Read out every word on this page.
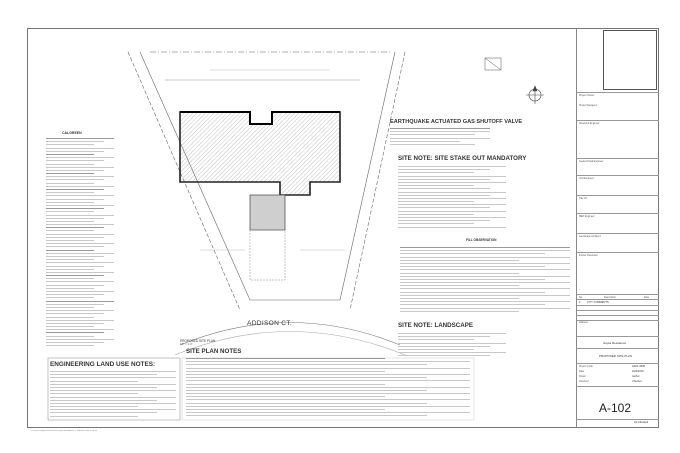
CALGREEN
EARTHQUAKE ACTUATED GAS SHUTOFF VALVE
SITE NOTE: SITE STAKE OUT MANDATORY
FILL OBSERVATION
SITE NOTE: LANDSCAPE
ADDISON CT.
PROPOSED SITE PLAN
1/8" = 1'-0"
ENGINEERING LAND USE NOTES:
SITE PLAN NOTES
C:\Users\Gupta\Documents\Gupta Residence_Proposed Site Plan.rvt
Project Owner:
Project Designer:
Structural Engineer:
Geotechnical Engineer:
Civil Engineer:
Title 24:
MEP Engineer:
Landscape Architect:
Interior Decorator:
No.	Description	Date
1	CITY COMMENTS
Address:
Gupta Residence
PROPOSED SITE PLAN
Project Code	G601-1805
Date	2/26/2019
Drawn	Author
Checked	Checker
A-102
As indicated
